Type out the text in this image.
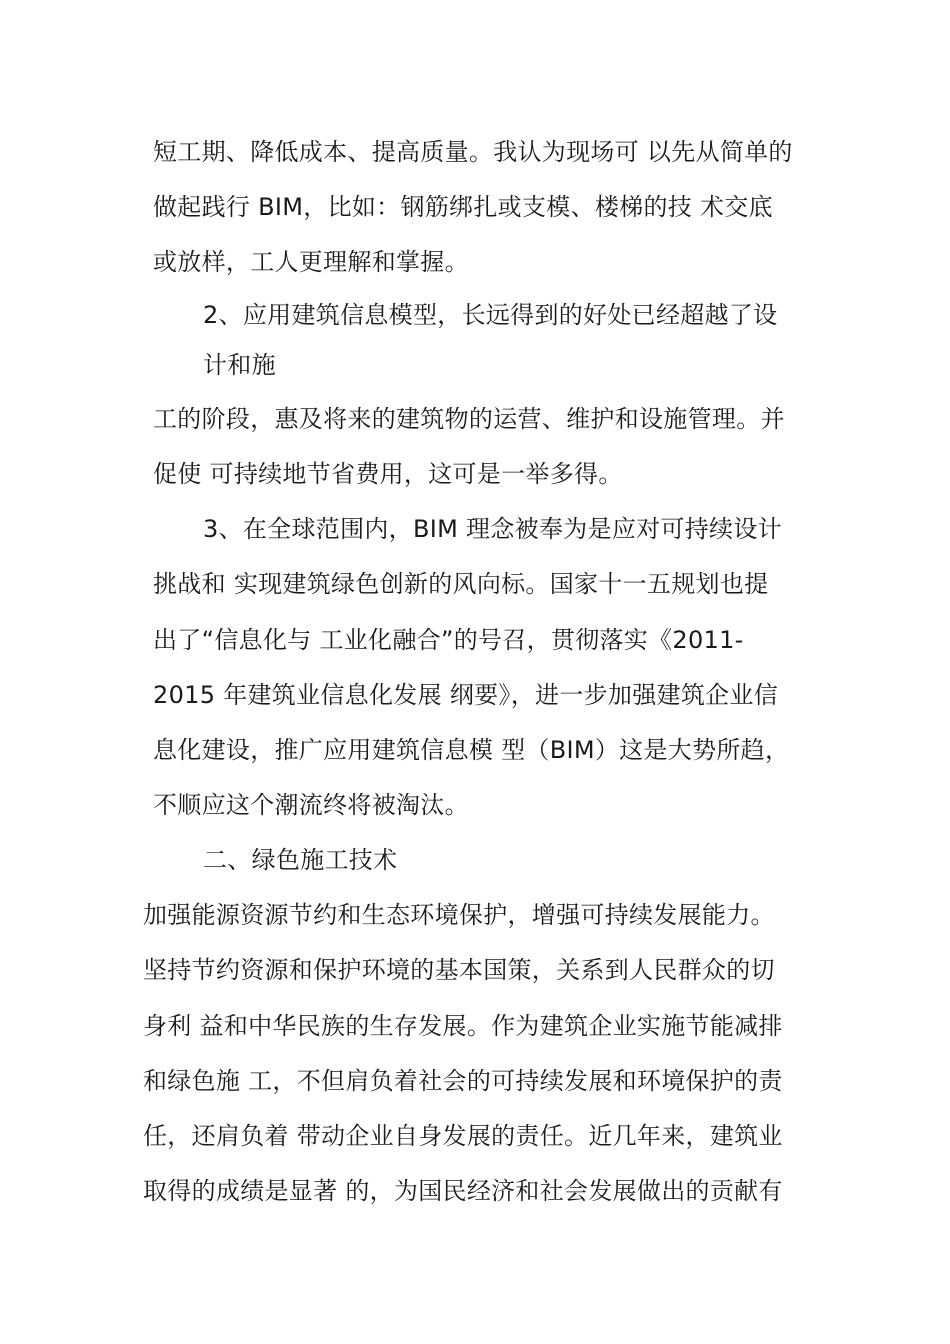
短工期、降低成本、提高质量。我认为现场可 以先从简单的
做起践行 BIM，比如：钢筋绑扎或支模、楼梯的技 术交底
或放样，工人更理解和掌握。
2、应用建筑信息模型，长远得到的好处已经超越了设
计和施
工的阶段，惠及将来的建筑物的运营、维护和设施管理。并
促使 可持续地节省费用，这可是一举多得。
3、在全球范围内，BIM 理念被奉为是应对可持续设计
挑战和 实现建筑绿色创新的风向标。国家十一五规划也提
出了“信息化与 工业化融合”的号召，贯彻落实《2011-
2015 年建筑业信息化发展 纲要》，进一步加强建筑企业信
息化建设，推广应用建筑信息模 型（BIM）这是大势所趋，
不顺应这个潮流终将被淘汰。
二、绿色施工技术
加强能源资源节约和生态环境保护，增强可持续发展能力。
坚持节约资源和保护环境的基本国策，关系到人民群众的切
身利 益和中华民族的生存发展。作为建筑企业实施节能减排
和绿色施 工，不但肩负着社会的可持续发展和环境保护的责
任，还肩负着 带动企业自身发展的责任。近几年来，建筑业
取得的成绩是显著 的，为国民经济和社会发展做出的贡献有
